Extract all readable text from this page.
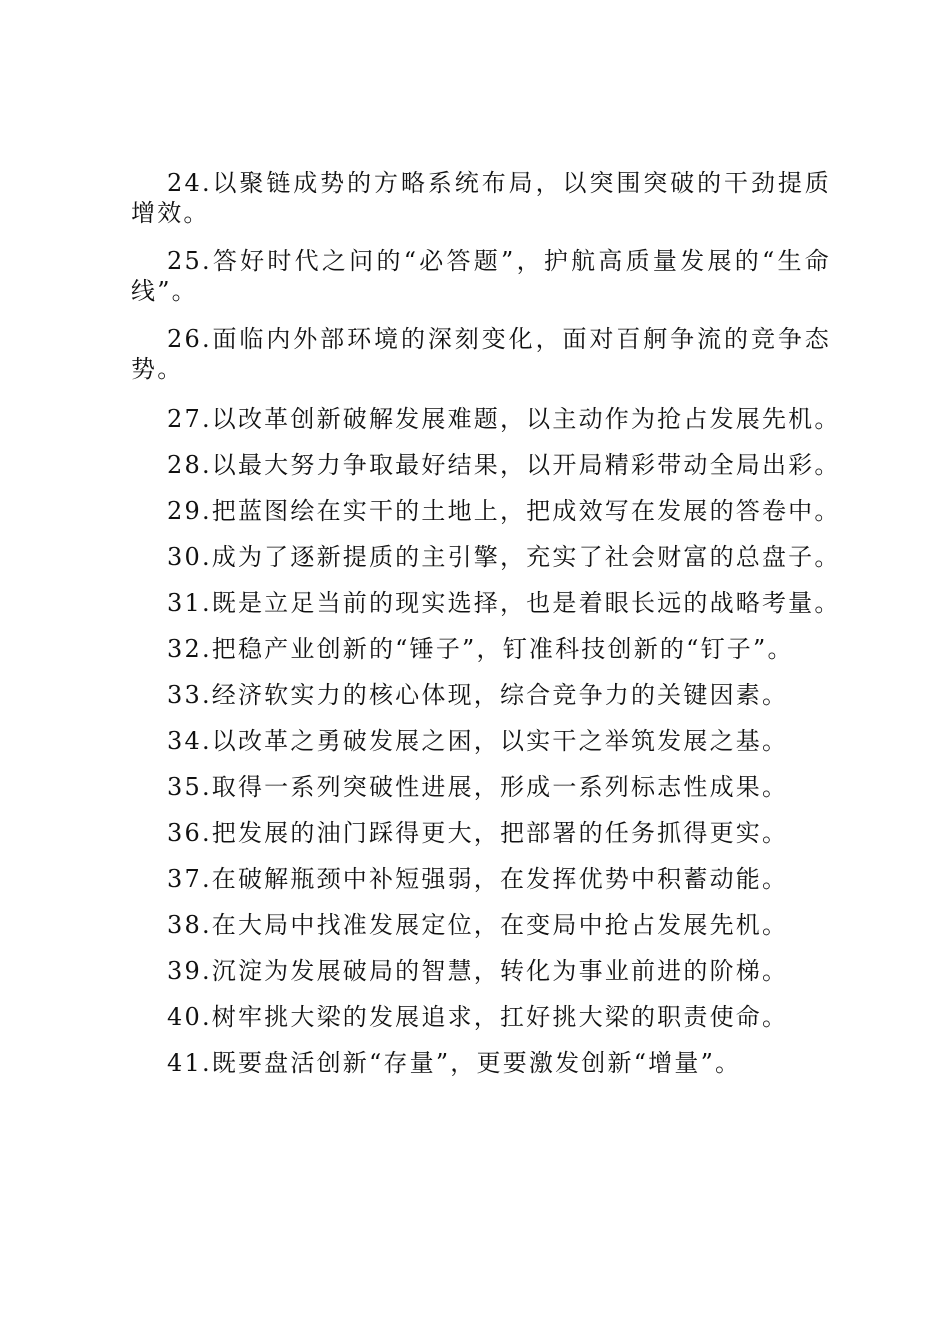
24.以聚链成势的方略系统布局，以突围突破的干劲提质增效。

25.答好时代之问的“必答题”，护航高质量发展的“生命线”。

26.面临内外部环境的深刻变化，面对百舸争流的竞争态势。

27.以改革创新破解发展难题，以主动作为抢占发展先机。

28.以最大努力争取最好结果，以开局精彩带动全局出彩。

29.把蓝图绘在实干的土地上，把成效写在发展的答卷中。

30.成为了逐新提质的主引擎，充实了社会财富的总盘子。

31.既是立足当前的现实选择，也是着眼长远的战略考量。

32.把稳产业创新的“锤子”，钉准科技创新的“钉子”。

33.经济软实力的核心体现，综合竞争力的关键因素。

34.以改革之勇破发展之困，以实干之举筑发展之基。

35.取得一系列突破性进展，形成一系列标志性成果。

36.把发展的油门踩得更大，把部署的任务抓得更实。

37.在破解瓶颈中补短强弱，在发挥优势中积蓄动能。

38.在大局中找准发展定位，在变局中抢占发展先机。

39.沉淀为发展破局的智慧，转化为事业前进的阶梯。

40.树牢挑大梁的发展追求，扛好挑大梁的职责使命。

41.既要盘活创新“存量”，更要激发创新“增量”。
